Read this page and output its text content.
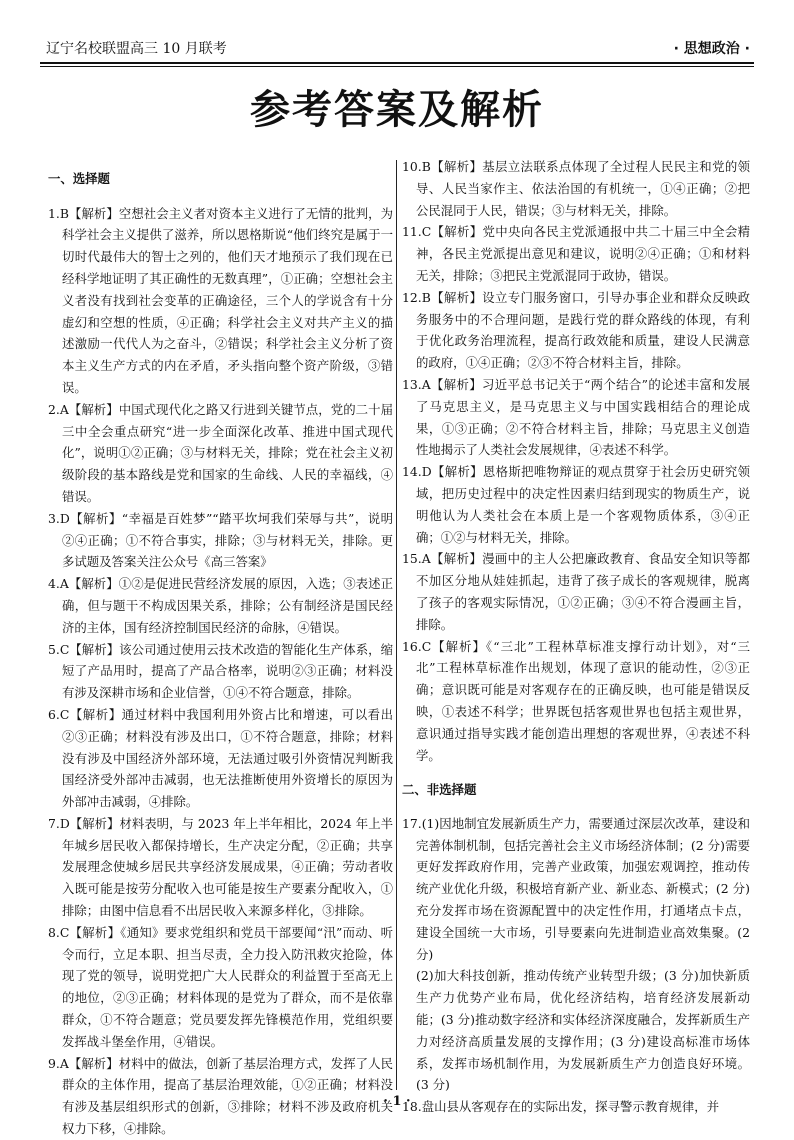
辽宁名校联盟高三 10 月联考	· 思想政治 ·
参考答案及解析

一、选择题

1.B【解析】空想社会主义者对资本主义进行了无情的批判，为科学社会主义提供了滋养，所以恩格斯说“他们终究是属于一切时代最伟大的智士之列的，他们天才地预示了我们现在已经科学地证明了其正确性的无数真理”，①正确；空想社会主义者没有找到社会变革的正确途径，三个人的学说含有十分虚幻和空想的性质，④正确；科学社会主义对共产主义的描述激励一代代人为之奋斗，②错误；科学社会主义分析了资本主义生产方式的内在矛盾，矛头指向整个资产阶级，③错误。

2.A【解析】中国式现代化之路又行进到关键节点，党的二十届三中全会重点研究“进一步全面深化改革、推进中国式现代化”，说明①②正确；③与材料无关，排除；党在社会主义初级阶段的基本路线是党和国家的生命线、人民的幸福线，④错误。

3.D【解析】“幸福是百姓梦”“踏平坎坷我们荣辱与共”，说明②④正确；①不符合事实，排除；③与材料无关，排除。更多试题及答案关注公众号《高三答案》

4.A【解析】①②是促进民营经济发展的原因，入选；③表述正确，但与题干不构成因果关系，排除；公有制经济是国民经济的主体，国有经济控制国民经济的命脉，④错误。

5.C【解析】该公司通过使用云技术改造的智能化生产体系，缩短了产品用时，提高了产品合格率，说明②③正确；材料没有涉及深耕市场和企业信誉，①④不符合题意，排除。

6.C【解析】通过材料中我国利用外资占比和增速，可以看出②③正确；材料没有涉及出口，①不符合题意，排除；材料没有涉及中国经济外部环境，无法通过吸引外资情况判断我国经济受外部冲击减弱，也无法推断使用外资增长的原因为外部冲击减弱，④排除。

7.D【解析】材料表明，与 2023 年上半年相比，2024 年上半年城乡居民收入都保持增长，生产决定分配，②正确；共享发展理念使城乡居民共享经济发展成果，④正确；劳动者收入既可能是按劳分配收入也可能是按生产要素分配收入，①排除；由图中信息看不出居民收入来源多样化，③排除。

8.C【解析】《通知》要求党组织和党员干部要闻“汛”而动、听令而行，立足本职、担当尽责，全力投入防汛救灾抢险，体现了党的领导，说明党把广大人民群众的利益置于至高无上的地位，②③正确；材料体现的是党为了群众，而不是依靠群众，①不符合题意；党员要发挥先锋模范作用，党组织要发挥战斗堡垒作用，④错误。

9.A【解析】材料中的做法，创新了基层治理方式，发挥了人民群众的主体作用，提高了基层治理效能，①②正确；材料没有涉及基层组织形式的创新，③排除；材料不涉及政府机关权力下移，④排除。

10.B【解析】基层立法联系点体现了全过程人民民主和党的领导、人民当家作主、依法治国的有机统一，①④正确；②把公民混同于人民，错误；③与材料无关，排除。

11.C【解析】党中央向各民主党派通报中共二十届三中全会精神，各民主党派提出意见和建议，说明②④正确；①和材料无关，排除；③把民主党派混同于政协，错误。

12.B【解析】设立专门服务窗口，引导办事企业和群众反映政务服务中的不合理问题，是践行党的群众路线的体现，有利于优化政务治理流程，提高行政效能和质量，建设人民满意的政府，①④正确；②③不符合材料主旨，排除。

13.A【解析】习近平总书记关于“两个结合”的论述丰富和发展了马克思主义，是马克思主义与中国实践相结合的理论成果，①③正确；②不符合材料主旨，排除；马克思主义创造性地揭示了人类社会发展规律，④表述不科学。

14.D【解析】恩格斯把唯物辩证的观点贯穿于社会历史研究领域，把历史过程中的决定性因素归结到现实的物质生产，说明他认为人类社会在本质上是一个客观物质体系，③④正确；①②与材料无关，排除。

15.A【解析】漫画中的主人公把廉政教育、食品安全知识等都不加区分地从娃娃抓起，违背了孩子成长的客观规律，脱离了孩子的客观实际情况，①②正确；③④不符合漫画主旨，排除。

16.C【解析】《“三北”工程林草标准支撑行动计划》，对“三北”工程林草标准作出规划，体现了意识的能动性，②③正确；意识既可能是对客观存在的正确反映，也可能是错误反映，①表述不科学；世界既包括客观世界也包括主观世界，意识通过指导实践才能创造出理想的客观世界，④表述不科学。

二、非选择题

17.(1)因地制宜发展新质生产力，需要通过深层次改革，建设和完善体制机制，包括完善社会主义市场经济体制；(2 分)需要更好发挥政府作用，完善产业政策，加强宏观调控，推动传统产业优化升级，积极培育新产业、新业态、新模式；(2 分)充分发挥市场在资源配置中的决定性作用，打通堵点卡点，建设全国统一大市场，引导要素向先进制造业高效集聚。(2 分)

(2)加大科技创新，推动传统产业转型升级；(3 分)加快新质生产力优势产业布局，优化经济结构，培育经济发展新动能；(3 分)推动数字经济和实体经济深度融合，发挥新质生产力对经济高质量发展的支撑作用；(3 分)建设高标准市场体系，发挥市场机制作用，为发展新质生产力创造良好环境。(3 分)

18.盘山县从客观存在的实际出发，探寻警示教育规律，并

· 1 ·
